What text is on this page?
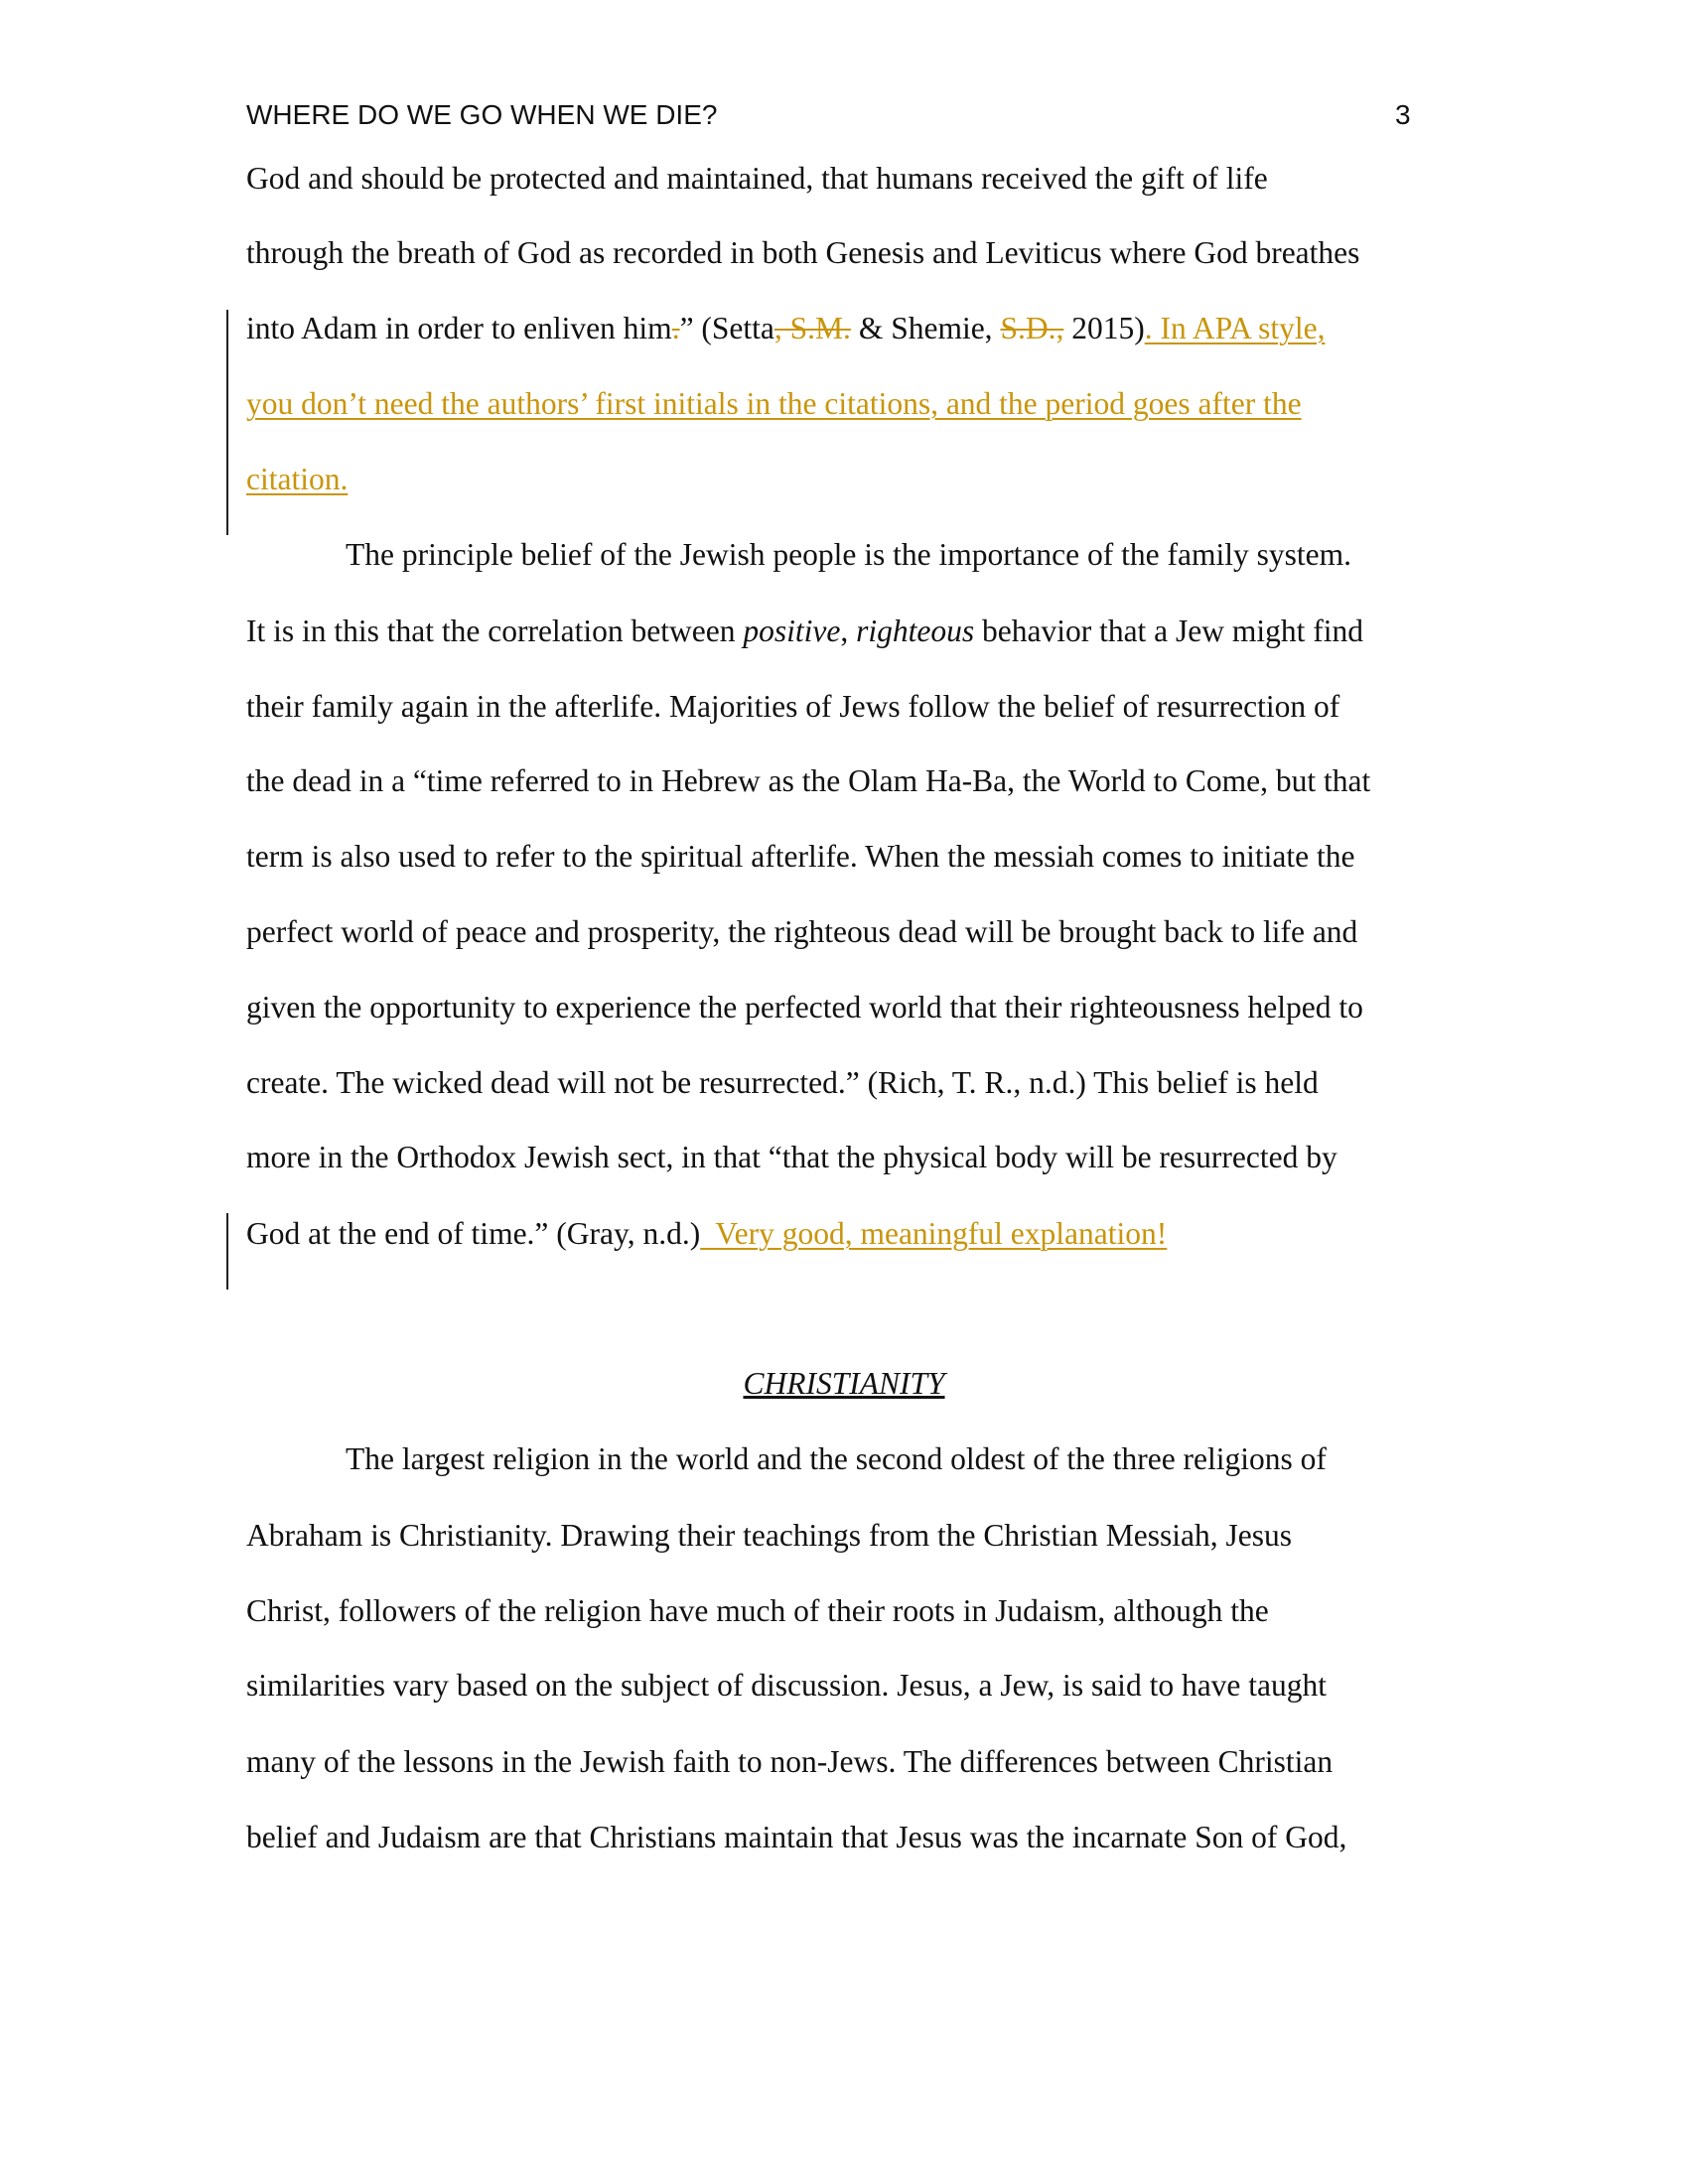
WHERE DO WE GO WHEN WE DIE?	3
God and should be protected and maintained, that humans received the gift of life
through the breath of God as recorded in both Genesis and Leviticus where God breathes
into Adam in order to enliven him.” (Setta, S.M. & Shemie, S.D., 2015). In APA style,
you don’t need the authors’ first initials in the citations, and the period goes after the
citation.
The principle belief of the Jewish people is the importance of the family system.
It is in this that the correlation between positive, righteous behavior that a Jew might find
their family again in the afterlife. Majorities of Jews follow the belief of resurrection of
the dead in a “time referred to in Hebrew as the Olam Ha-Ba, the World to Come, but that
term is also used to refer to the spiritual afterlife. When the messiah comes to initiate the
perfect world of peace and prosperity, the righteous dead will be brought back to life and
given the opportunity to experience the perfected world that their righteousness helped to
create. The wicked dead will not be resurrected.” (Rich, T. R., n.d.) This belief is held
more in the Orthodox Jewish sect, in that “that the physical body will be resurrected by
God at the end of time.” (Gray, n.d.)  Very good, meaningful explanation!
CHRISTIANITY
The largest religion in the world and the second oldest of the three religions of
Abraham is Christianity. Drawing their teachings from the Christian Messiah, Jesus
Christ, followers of the religion have much of their roots in Judaism, although the
similarities vary based on the subject of discussion. Jesus, a Jew, is said to have taught
many of the lessons in the Jewish faith to non-Jews. The differences between Christian
belief and Judaism are that Christians maintain that Jesus was the incarnate Son of God,
